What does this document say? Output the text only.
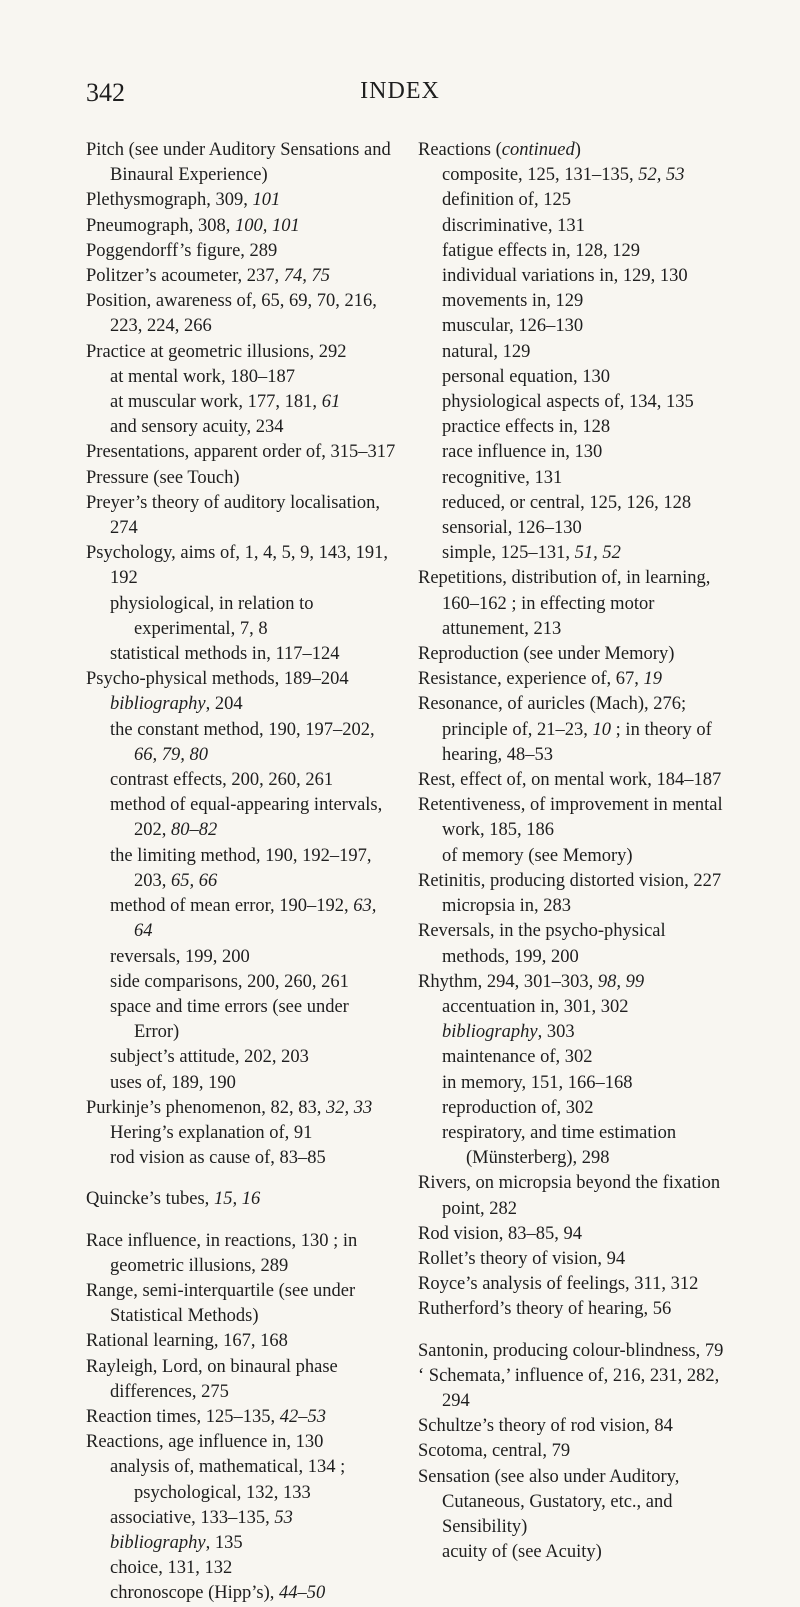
342	INDEX
Pitch (see under Auditory Sensations and Binaural Experience)
Plethysmograph, 309, 101
Pneumograph, 308, 100, 101
Poggendorff’s figure, 289
Politzer’s acoumeter, 237, 74, 75
Position, awareness of, 65, 69, 70, 216, 223, 224, 266
Practice at geometric illusions, 292
at mental work, 180–187
at muscular work, 177, 181, 61
and sensory acuity, 234
Presentations, apparent order of, 315–317
Pressure (see Touch)
Preyer’s theory of auditory localisation, 274
Psychology, aims of, 1, 4, 5, 9, 143, 191, 192
physiological, in relation to experimental, 7, 8
statistical methods in, 117–124
Psycho-physical methods, 189–204
bibliography, 204
the constant method, 190, 197–202, 66, 79, 80
contrast effects, 200, 260, 261
method of equal-appearing intervals, 202, 80–82
the limiting method, 190, 192–197, 203, 65, 66
method of mean error, 190–192, 63, 64
reversals, 199, 200
side comparisons, 200, 260, 261
space and time errors (see under Error)
subject’s attitude, 202, 203
uses of, 189, 190
Purkinje’s phenomenon, 82, 83, 32, 33
Hering’s explanation of, 91
rod vision as cause of, 83–85
Quincke’s tubes, 15, 16
Race influence, in reactions, 130 ; in geometric illusions, 289
Range, semi-interquartile (see under Statistical Methods)
Rational learning, 167, 168
Rayleigh, Lord, on binaural phase differences, 275
Reaction times, 125–135, 42–53
Reactions, age influence in, 130
analysis of, mathematical, 134 ; psychological, 132, 133
associative, 133–135, 53
bibliography, 135
choice, 131, 132
chronoscope (Hipp’s), 44–50
Reactions (continued)
composite, 125, 131–135, 52, 53
definition of, 125
discriminative, 131
fatigue effects in, 128, 129
individual variations in, 129, 130
movements in, 129
muscular, 126–130
natural, 129
personal equation, 130
physiological aspects of, 134, 135
practice effects in, 128
race influence in, 130
recognitive, 131
reduced, or central, 125, 126, 128
sensorial, 126–130
simple, 125–131, 51, 52
Repetitions, distribution of, in learning, 160–162 ; in effecting motor attunement, 213
Reproduction (see under Memory)
Resistance, experience of, 67, 19
Resonance, of auricles (Mach), 276; principle of, 21–23, 10 ; in theory of hearing, 48–53
Rest, effect of, on mental work, 184–187
Retentiveness, of improvement in mental work, 185, 186
of memory (see Memory)
Retinitis, producing distorted vision, 227
micropsia in, 283
Reversals, in the psycho-physical methods, 199, 200
Rhythm, 294, 301–303, 98, 99
accentuation in, 301, 302
bibliography, 303
maintenance of, 302
in memory, 151, 166–168
reproduction of, 302
respiratory, and time estimation (Münsterberg), 298
Rivers, on micropsia beyond the fixation point, 282
Rod vision, 83–85, 94
Rollet’s theory of vision, 94
Royce’s analysis of feelings, 311, 312
Rutherford’s theory of hearing, 56
Santonin, producing colour-blindness, 79
‘ Schemata,’ influence of, 216, 231, 282, 294
Schultze’s theory of rod vision, 84
Scotoma, central, 79
Sensation (see also under Auditory, Cutaneous, Gustatory, etc., and Sensibility)
acuity of (see Acuity)
